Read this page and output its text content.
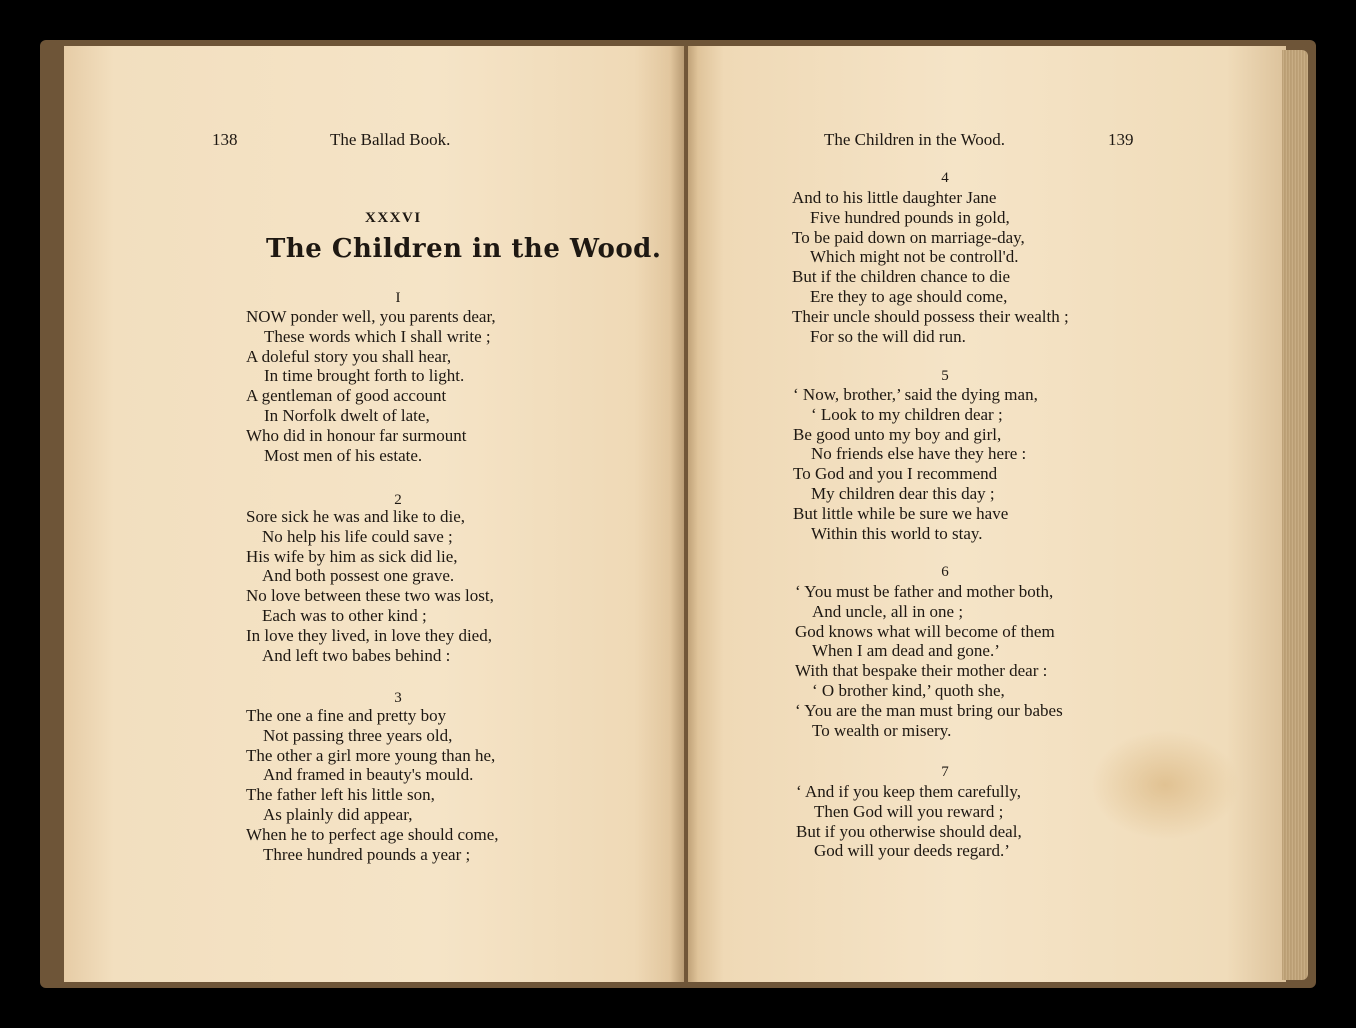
138	The Ballad Book.

XXXVI
The Children in the Wood.

The Children in the Wood.	139

I

NOW ponder well, you parents dear,

These words which I shall write ;

A doleful story you shall hear,

In time brought forth to light.

A gentleman of good account

In Norfolk dwelt of late,

Who did in honour far surmount

Most men of his estate.

2

Sore sick he was and like to die,

No help his life could save ;

His wife by him as sick did lie,

And both possest one grave.

No love between these two was lost,

Each was to other kind ;

In love they lived, in love they died,

And left two babes behind :

3

The one a fine and pretty boy

Not passing three years old,

The other a girl more young than he,

And framed in beauty's mould.

The father left his little son,

As plainly did appear,

When he to perfect age should come,

Three hundred pounds a year ;

4

And to his little daughter Jane

Five hundred pounds in gold,

To be paid down on marriage-day,

Which might not be controll'd.

But if the children chance to die

Ere they to age should come,

Their uncle should possess their wealth ;

For so the will did run.

5

‘ Now, brother,’ said the dying man,

‘ Look to my children dear ;

Be good unto my boy and girl,

No friends else have they here :

To God and you I recommend

My children dear this day ;

But little while be sure we have

Within this world to stay.

6

‘ You must be father and mother both,

And uncle, all in one ;

God knows what will become of them

When I am dead and gone.’

With that bespake their mother dear :

‘ O brother kind,’ quoth she,

‘ You are the man must bring our babes

To wealth or misery.

7

‘ And if you keep them carefully,

Then God will you reward ;

But if you otherwise should deal,

God will your deeds regard.’
